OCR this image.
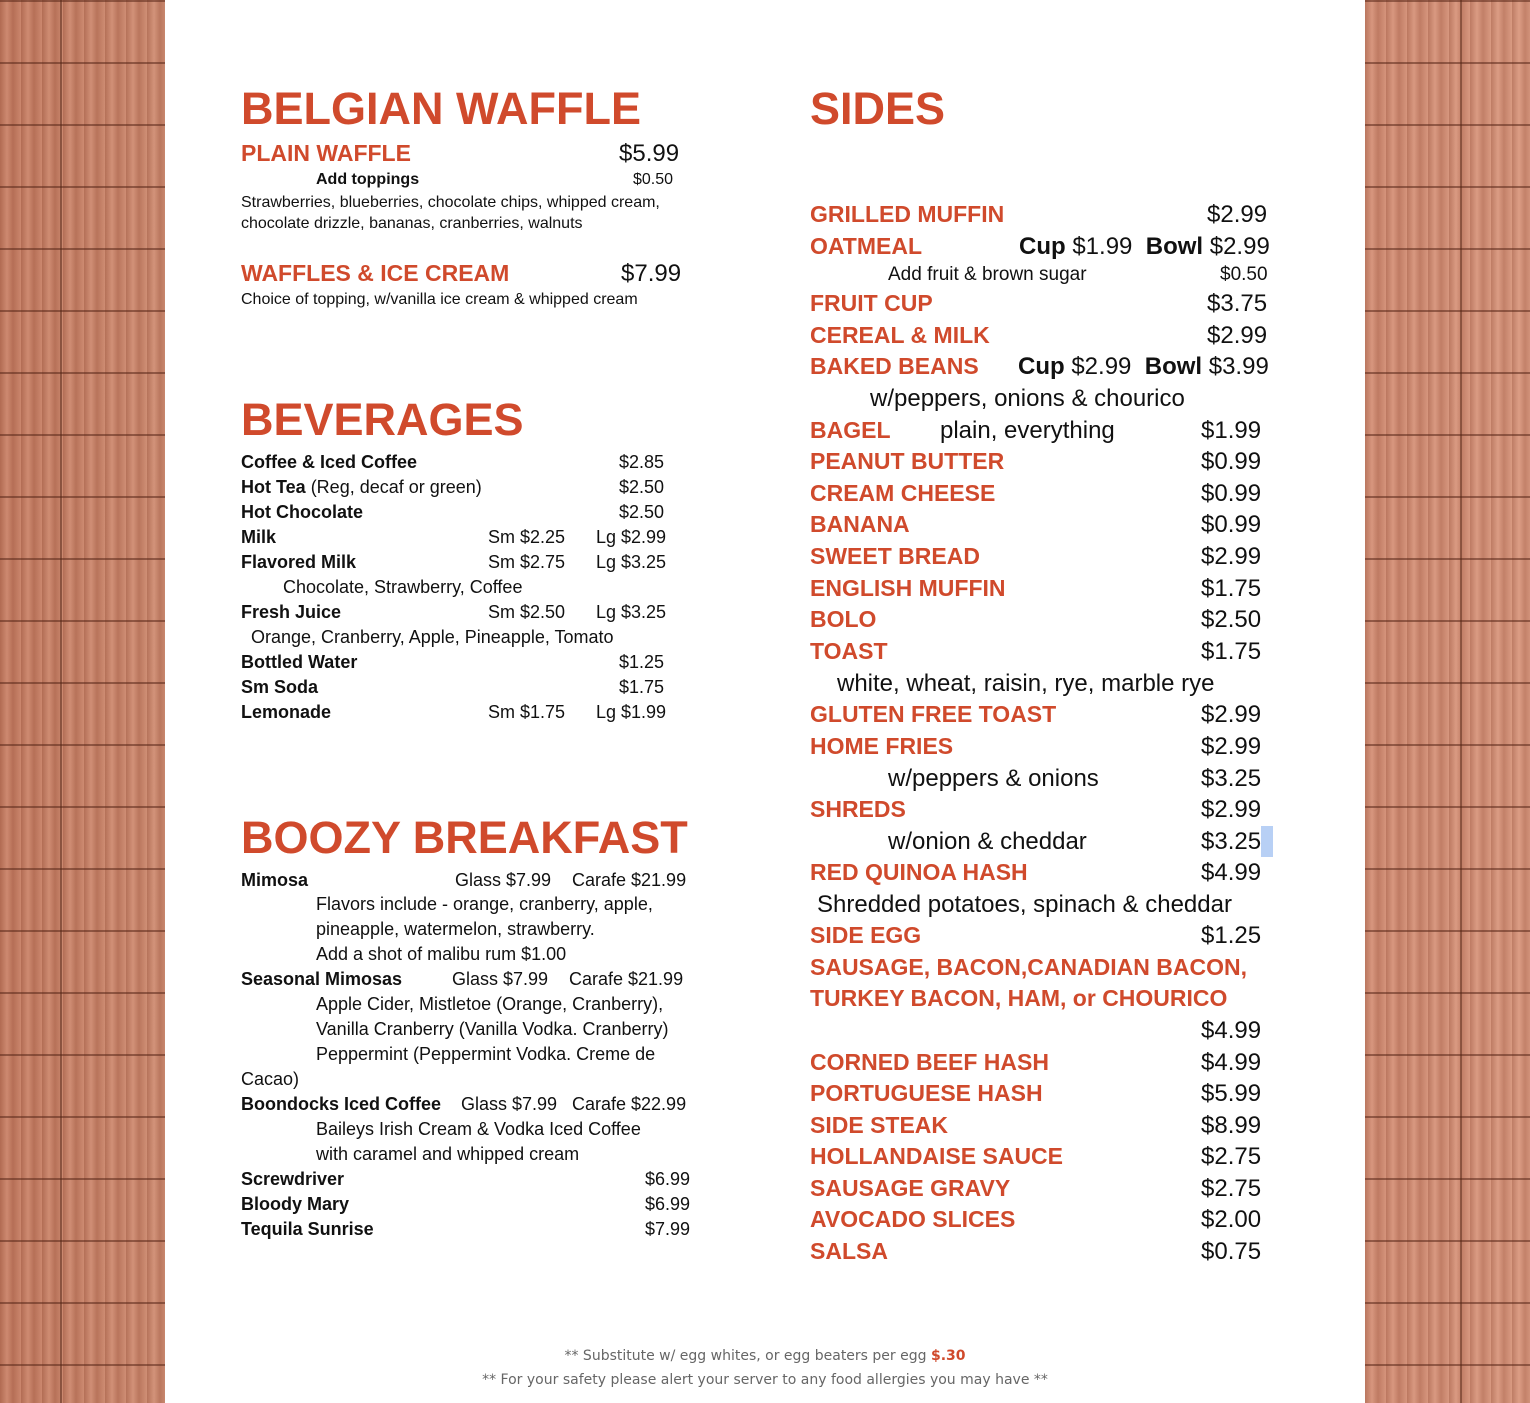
BELGIAN WAFFLE
PLAIN WAFFLE	$5.99
Add toppings	$0.50
Strawberries, blueberries, chocolate chips, whipped cream,
chocolate drizzle, bananas, cranberries, walnuts
WAFFLES & ICE CREAM	$7.99
Choice of topping, w/vanilla ice cream & whipped cream
BEVERAGES
Coffee & Iced Coffee	$2.85
Hot Tea (Reg, decaf or green)	$2.50
Hot Chocolate	$2.50
Milk	Sm $2.25 Lg $2.99
Flavored Milk	Sm $2.75 Lg $3.25
Chocolate, Strawberry, Coffee
Fresh Juice	Sm $2.50 Lg $3.25
Orange, Cranberry, Apple, Pineapple, Tomato
Bottled Water	$1.25
Sm Soda	$1.75
Lemonade	Sm $1.75 Lg $1.99
BOOZY BREAKFAST
Mimosa	Glass $7.99 Carafe $21.99
Flavors include - orange, cranberry, apple,
pineapple, watermelon, strawberry.
Add a shot of malibu rum $1.00
Seasonal Mimosas	Glass $7.99 Carafe $21.99
Apple Cider, Mistletoe (Orange, Cranberry),
Vanilla Cranberry (Vanilla Vodka. Cranberry)
Peppermint (Peppermint Vodka. Creme de
Cacao)
Boondocks Iced Coffee Glass $7.99 Carafe $22.99
Baileys Irish Cream & Vodka Iced Coffee
with caramel and whipped cream
Screwdriver	$6.99
Bloody Mary	$6.99
Tequila Sunrise	$7.99
SIDES
GRILLED MUFFIN	$2.99
OATMEAL	Cup $1.99 Bowl $2.99
Add fruit & brown sugar	$0.50
FRUIT CUP	$3.75
CEREAL & MILK	$2.99
BAKED BEANS Cup $2.99 Bowl $3.99
w/peppers, onions & chourico
BAGEL plain, everything	$1.99
PEANUT BUTTER	$0.99
CREAM CHEESE	$0.99
BANANA	$0.99
SWEET BREAD	$2.99
ENGLISH MUFFIN	$1.75
BOLO	$2.50
TOAST	$1.75
white, wheat, raisin, rye, marble rye
GLUTEN FREE TOAST	$2.99
HOME FRIES	$2.99
w/peppers & onions	$3.25
SHREDS	$2.99
w/onion & cheddar	$3.25
RED QUINOA HASH	$4.99
Shredded potatoes, spinach & cheddar
SIDE EGG	$1.25
SAUSAGE, BACON,CANADIAN BACON,
TURKEY BACON, HAM, or CHOURICO
$4.99
CORNED BEEF HASH	$4.99
PORTUGUESE HASH	$5.99
SIDE STEAK	$8.99
HOLLANDAISE SAUCE	$2.75
SAUSAGE GRAVY	$2.75
AVOCADO SLICES	$2.00
SALSA	$0.75
** Substitute w/ egg whites, or egg beaters per egg $.30
** For your safety please alert your server to any food allergies you may have **
